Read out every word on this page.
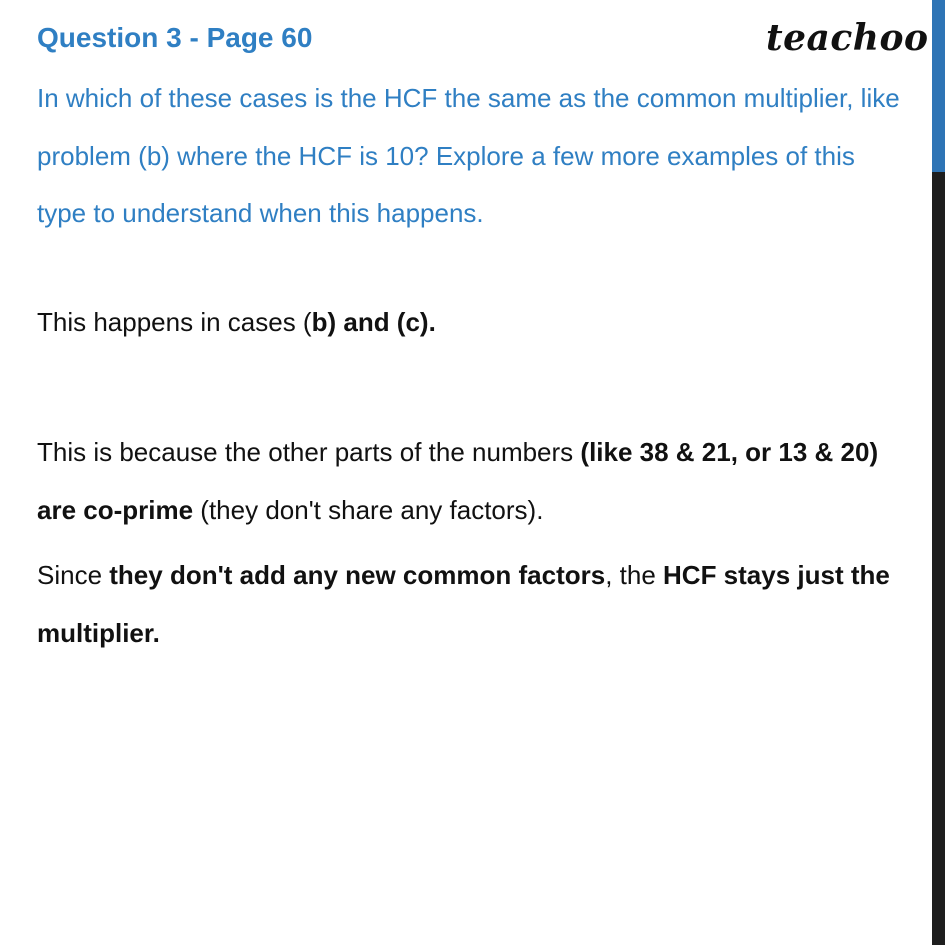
Question 3 - Page 60	teachoo

In which of these cases is the HCF the same as the common multiplier, like problem (b) where the HCF is 10? Explore a few more examples of this type to understand when this happens.

This happens in cases (b) and (c).

This is because the other parts of the numbers (like 38 & 21, or 13 & 20) are co-prime (they don't share any factors).

Since they don't add any new common factors, the HCF stays just the multiplier.
